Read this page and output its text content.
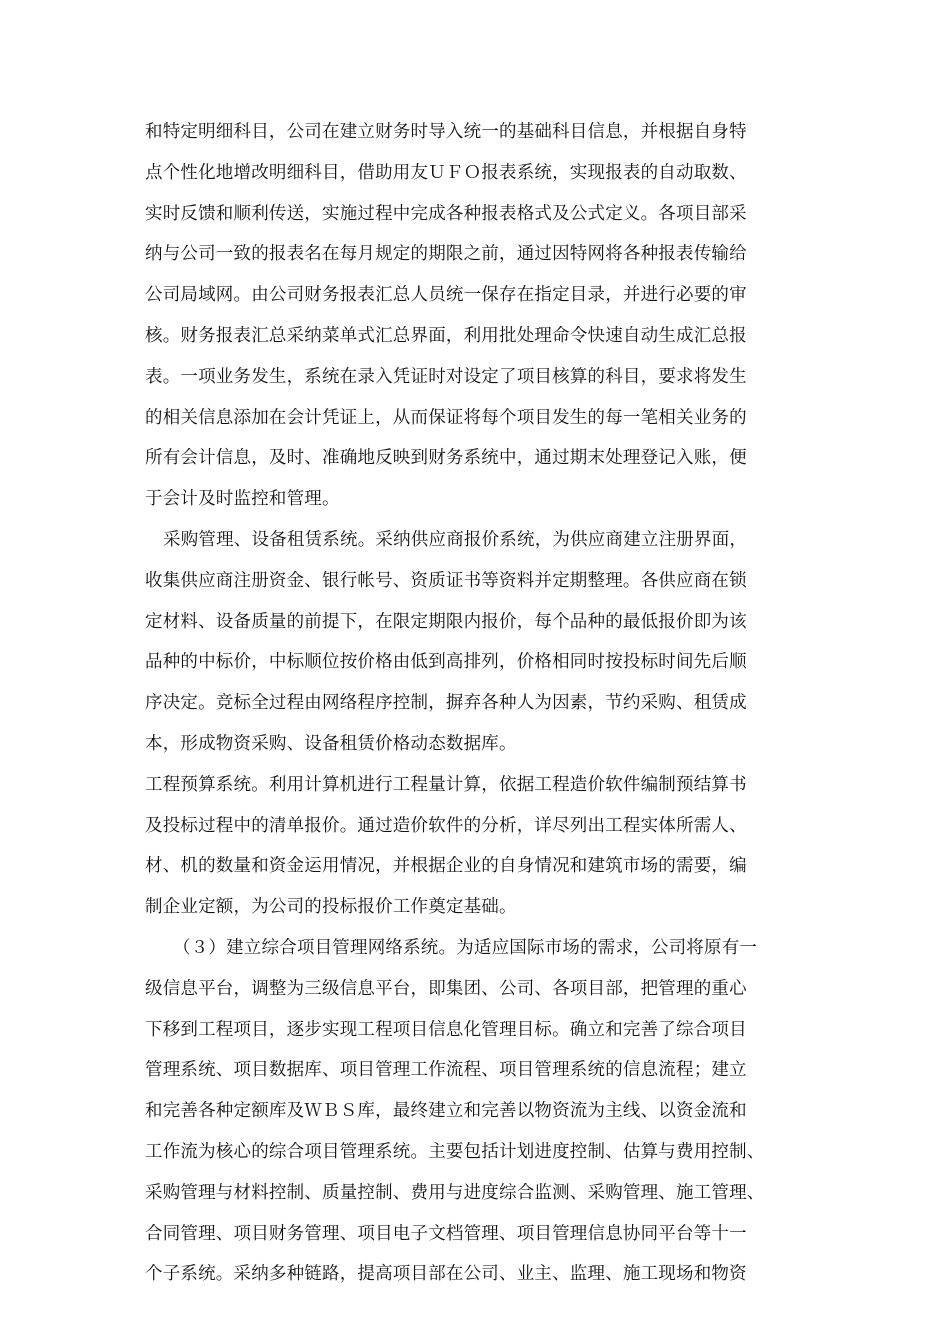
和特定明细科目，公司在建立财务时导入统一的基础科目信息，并根据自身特
点个性化地增改明细科目，借助用友ＵＦＯ报表系统，实现报表的自动取数、
实时反馈和顺利传送，实施过程中完成各种报表格式及公式定义。各项目部采
纳与公司一致的报表名在每月规定的期限之前，通过因特网将各种报表传输给
公司局域网。由公司财务报表汇总人员统一保存在指定目录，并进行必要的审
核。财务报表汇总采纳菜单式汇总界面，利用批处理命令快速自动生成汇总报
表。一项业务发生，系统在录入凭证时对设定了项目核算的科目，要求将发生
的相关信息添加在会计凭证上，从而保证将每个项目发生的每一笔相关业务的
所有会计信息，及时、准确地反映到财务系统中，通过期末处理登记入账，便
于会计及时监控和管理。
采购管理、设备租赁系统。采纳供应商报价系统，为供应商建立注册界面，
收集供应商注册资金、银行帐号、资质证书等资料并定期整理。各供应商在锁
定材料、设备质量的前提下，在限定期限内报价，每个品种的最低报价即为该
品种的中标价，中标顺位按价格由低到高排列，价格相同时按投标时间先后顺
序决定。竞标全过程由网络程序控制，摒弃各种人为因素，节约采购、租赁成
本，形成物资采购、设备租赁价格动态数据库。
工程预算系统。利用计算机进行工程量计算，依据工程造价软件编制预结算书
及投标过程中的清单报价。通过造价软件的分析，详尽列出工程实体所需人、
材、机的数量和资金运用情况，并根据企业的自身情况和建筑市场的需要，编
制企业定额，为公司的投标报价工作奠定基础。
（３）建立综合项目管理网络系统。为适应国际市场的需求，公司将原有一
级信息平台，调整为三级信息平台，即集团、公司、各项目部，把管理的重心
下移到工程项目，逐步实现工程项目信息化管理目标。确立和完善了综合项目
管理系统、项目数据库、项目管理工作流程、项目管理系统的信息流程；建立
和完善各种定额库及ＷＢＳ库，最终建立和完善以物资流为主线、以资金流和
工作流为核心的综合项目管理系统。主要包括计划进度控制、估算与费用控制、
采购管理与材料控制、质量控制、费用与进度综合监测、采购管理、施工管理、
合同管理、项目财务管理、项目电子文档管理、项目管理信息协同平台等十一
个子系统。采纳多种链路，提高项目部在公司、业主、监理、施工现场和物资
